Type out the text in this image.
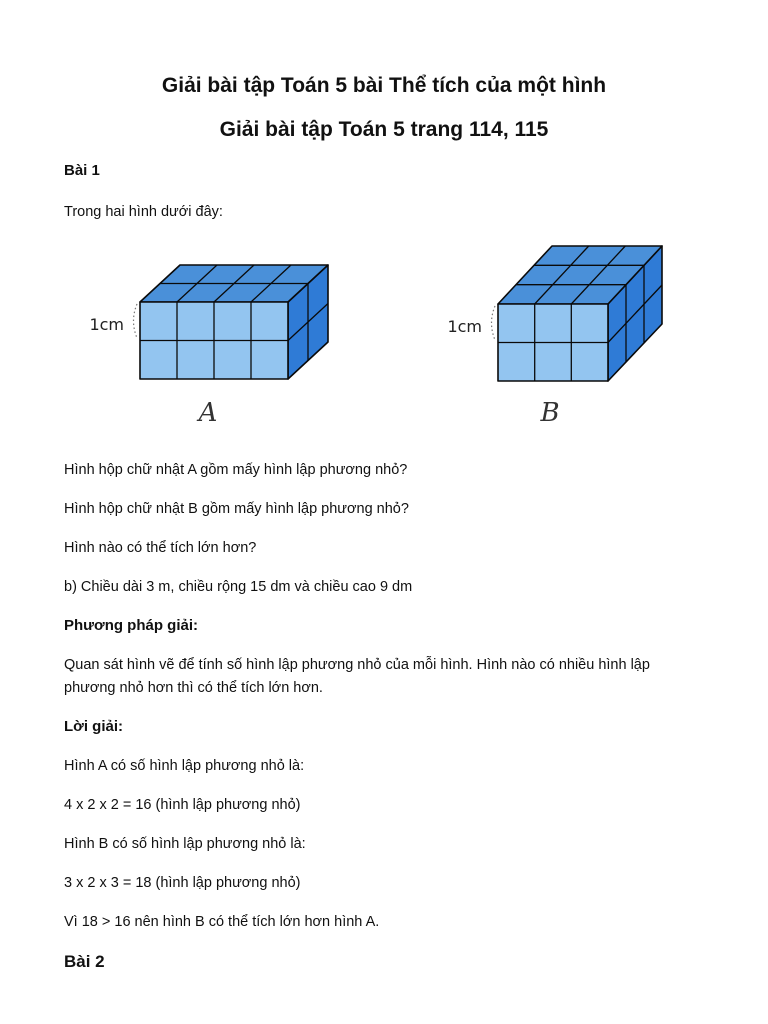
Giải bài tập Toán 5 bài Thể tích của một hình
Giải bài tập Toán 5 trang 114, 115
Bài 1

Trong hai hình dưới đây:

1cm
A
1cm
B

Hình hộp chữ nhật A gồm mấy hình lập phương nhỏ?

Hình hộp chữ nhật B gồm mấy hình lập phương nhỏ?

Hình nào có thể tích lớn hơn?

b) Chiều dài 3 m, chiều rộng 15 dm và chiều cao 9 dm

Phương pháp giải:

Quan sát hình vẽ để tính số hình lập phương nhỏ của mỗi hình. Hình nào có nhiều hình lập phương nhỏ hơn thì có thể tích lớn hơn.

Lời giải:

Hình A có số hình lập phương nhỏ là:

4 x 2 x 2 = 16 (hình lập phương nhỏ)

Hình B có số hình lập phương nhỏ là:

3 x 2 x 3 = 18 (hình lập phương nhỏ)

Vì 18 > 16 nên hình B có thể tích lớn hơn hình A.

Bài 2
